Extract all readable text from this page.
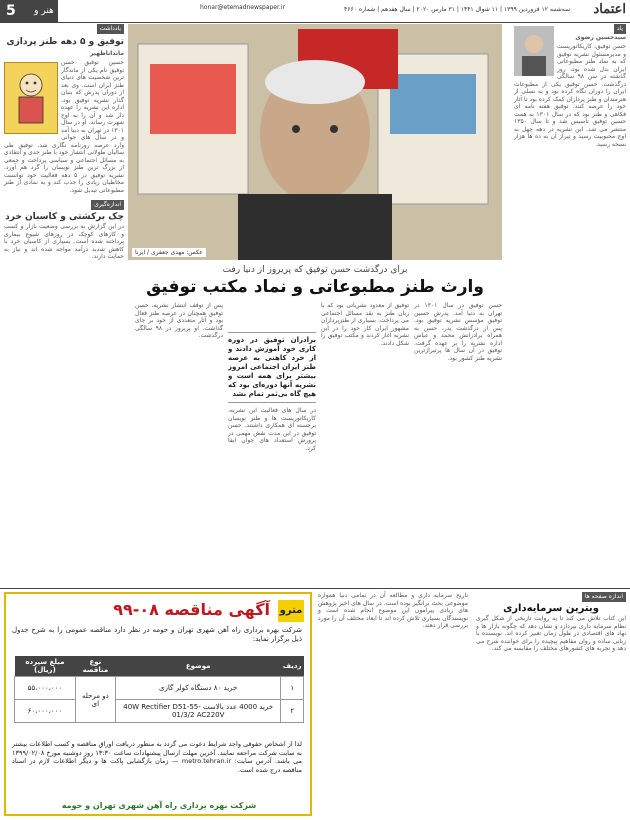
5	هنر و ادبیات
honar@etemadnewspaper.ir	سه‌شنبه ۱۲ فروردین ۱۳۹۹ | ۱۱ شوال ۱۴۴۱ | ۳۱ مارس ۲۰۲۰ | سال هفدهم | شماره ۴۶۶۰ اعتماد
یادداشت
توفیق و ۵ دهه طنز پردازی
مانداناظهیر
حسین توفیق حسن توفیق نام یکی از ماندگار ترین شخصیت های دنیای طنز ایران است. وی بعد از دوران پدرش که بنیان گذار نشریه توفیق بود، اداره این نشریه را عهده دار شد و آن را به اوج شهرت رساند. او در سال ۱۳۰۱ در تهران به دنیا آمد و در سال های جوانی وارد عرصه روزنامه نگاری شد. توفیق طی سالیان طولانی انتشار خود با طنز جدی و انتقادی به مسائل اجتماعی و سیاسی پرداخت و جمعی از بزرگ ترین طنز نویسان را گرد هم آورد. نشریه توفیق در ۵ دهه فعالیت خود توانست مخاطبان زیادی را جذب کند و به نمادی از طنز مطبوعاتی تبدیل شود.
اندازه‌گیری
چک برکشتی و کاسبان خرد
در این گزارش به بررسی وضعیت بازار و کسب و کارهای کوچک در روزهای شیوع بیماری پرداخته شده است. بسیاری از کاسبان خرد با کاهش شدید درآمد مواجه شده اند و نیاز به حمایت دارند.
عکس: مهدی جعفری / ایرنا
برای درگذشت حسن توفیق که پریروز از دنیا رفت
وارث طنز مطبوعاتی و نماد مکتب توفیق
حسن توفیق در سال ۱۳۰۱ در تهران به دنیا آمد. پدرش حسین توفیق مؤسس نشریه توفیق بود. پس از درگذشت پدر، حسن به همراه برادرانش محمد و عباس اداره نشریه را بر عهده گرفت. توفیق در آن سال ها پرتیراژترین نشریه طنز کشور بود.
توفیق از معدود نشریاتی بود که با زبان طنز به نقد مسائل اجتماعی می پرداخت. بسیاری از طنزپردازان مشهور ایران کار خود را در این نشریه آغاز کردند و مکتب توفیق را شکل دادند.
برادران توفیق در دوره کاری خود آموزش دادند و از خرد کاهنی به عرصه طنز ایران اجتماعی امروز بیشتر برای همه است و نشریه آنها دوره‌ای بود که هیچ گاه بی‌ثمر تمام نشد
در سال های فعالیت این نشریه، کاریکاتوریست ها و طنز نویسان برجسته ای همکاری داشتند. حسن توفیق در این مدت نقش مهمی در پرورش استعداد های جوان ایفا کرد.
پس از توقف انتشار نشریه، حسن توفیق همچنان در عرصه طنز فعال بود و آثار متعددی از خود بر جای گذاشت. او پریروز در ۹۸ سالگی درگذشت.
یاد
سیدحسین رضوی
حسن توفیق، کاریکاتوریست و مدیرمسئول نشریه توفیق که به نماد طنز مطبوعاتی ایران بدل شده بود، روز گذشته در سن ۹۸ سالگی درگذشت. حسن توفیق یکی از مطبوعات ایران را دوران نگاه کرده بود و به نسلی از هنرمندان و طنز پردازان کمک کرده بود تا آثار خود را عرضه کنند. توفیق هفته نامه ای فکاهی و طنز بود که در سال ۱۳۰۱ به همت حسین توفیق تاسیس شد و تا سال ۱۳۵۰ منتشر می شد. این نشریه در دهه چهل به اوج محبوبیت رسید و تیراژ آن به ده ها هزار نسخه رسید.
مترو
آگهی مناقصه ۰۸-۹۹
شرکت بهره برداری راه آهن شهری تهران و حومه در نظر دارد مناقصه عمومی را به شرح جدول ذیل برگزار نماید:
ردیف	موضوع	نوع مناقصه	مبلغ سپرده (ریال)
۱	خرید ۸۰ دستگاه کولر گازی	دو مرحله ای	۵۵،۰۰۰،۰۰۰
۲	خرید 4000 عدد بالاست 40W Rectifier D51-55-01/3/2 AC220V		۶۰،۰۰۰،۰۰۰
لذا از اشخاص حقوقی واجد شرایط دعوت می گردد به منظور دریافت اوراق مناقصه و کسب اطلاعات بیشتر به سایت شرکت مراجعه نمایند. آخرین مهلت ارسال پیشنهادات ساعت ۱۳:۳۰ روز دوشنبه مورخ ۱۳۹۹/۰۲/۰۸ می باشد. آدرس سایت: metro.tehran.ir — زمان بازگشایی پاکت ها و دیگر اطلاعات لازم در اسناد مناقصه درج شده است.
شرکت بهره برداری راه آهن شهری تهران و حومه
تاریخ سرمایه داری و مطالعه آن در تمامی دنیا همواره موضوعی بحث برانگیز بوده است. در سال های اخیر پژوهش های زیادی پیرامون این موضوع انجام شده است و نویسندگان بسیاری تلاش کرده اند تا ابعاد مختلف آن را مورد بررسی قرار دهند.
اندازه صفحه ها
ویترین سرمایه‌داری
این کتاب تلاش می کند تا به روایت تاریخی از شکل گیری نظام سرمایه داری بپردازد و نشان دهد که چگونه بازار ها و نهاد های اقتصادی در طول زمان تغییر کرده اند. نویسنده با زبانی ساده و روان مفاهیم پیچیده را برای خواننده شرح می دهد و تجربه های کشورهای مختلف را مقایسه می کند.
